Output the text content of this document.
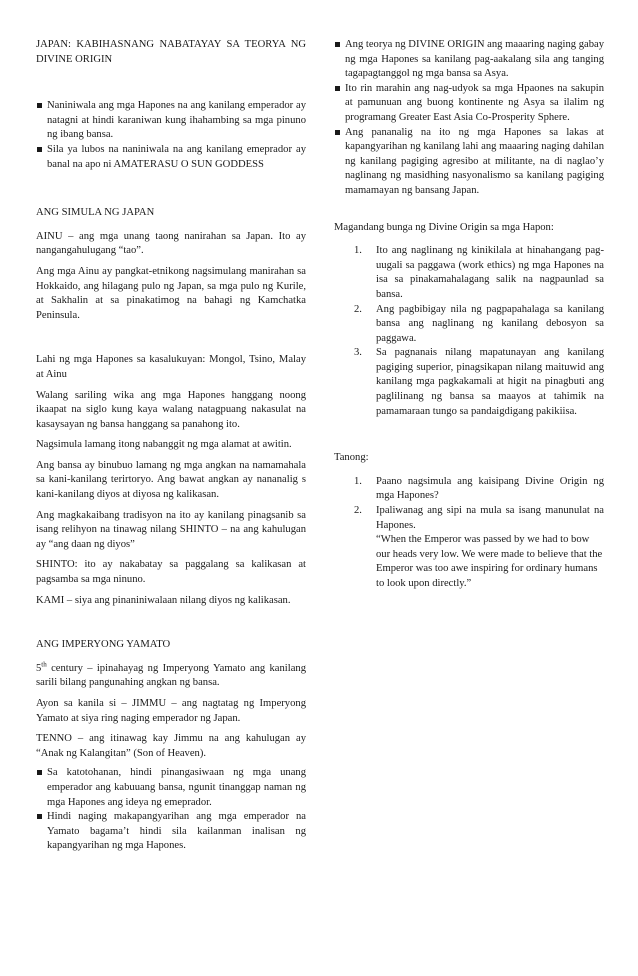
JAPAN: KABIHASNANG NABATAYAY SA TEORYA NG DIVINE ORIGIN

Naniniwala ang mga Hapones na ang kanilang emperador ay natagni at hindi karaniwan kung ihahambing sa mga pinuno ng ibang bansa.
Sila ya lubos na naniniwala na ang kanilang emeprador ay banal na apo ni AMATERASU O SUN GODDESS

ANG SIMULA NG JAPAN

AINU – ang mga unang taong nanirahan sa Japan. Ito ay nangangahulugang “tao”.

Ang mga Ainu ay pangkat-etnikong nagsimulang manirahan sa Hokkaido, ang hilagang pulo ng Japan, sa mga pulo ng Kurile, at Sakhalin at sa pinakatimog na bahagi ng Kamchatka Peninsula.

Lahi ng mga Hapones sa kasalukuyan: Mongol, Tsino, Malay at Ainu

Walang sariling wika ang mga Hapones hanggang noong ikaapat na siglo kung kaya walang natagpuang nakasulat na kasaysayan ng bansa hanggang sa panahong ito.

Nagsimula lamang itong nabanggit ng mga alamat at awitin.

Ang bansa ay binubuo lamang ng mga angkan na namamahala sa kani-kanilang terirtoryo. Ang bawat angkan ay nananalig s kani-kanilang diyos at diyosa ng kalikasan.

Ang magkakaibang tradisyon na ito ay kanilang pinagsanib sa isang relihyon na tinawag nilang SHINTO – na ang kahulugan ay “ang daan ng diyos”

SHINTO: ito ay nakabatay sa paggalang sa kalikasan at pagsamba sa mga ninuno.

KAMI – siya ang pinaniniwalaan nilang diyos ng kalikasan.

ANG IMPERYONG YAMATO

5th century – ipinahayag ng Imperyong Yamato ang kanilang sarili bilang pangunahing angkan ng bansa.

Ayon sa kanila si – JIMMU – ang nagtatag ng Imperyong Yamato at siya ring naging emperador ng Japan.

TENNO – ang itinawag kay Jimmu na ang kahulugan ay “Anak ng Kalangitan” (Son of Heaven).

Sa katotohanan, hindi pinangasiwaan ng mga unang emperador ang kabuuang bansa, ngunit tinanggap naman ng mga Hapones ang ideya ng emeprador.
Hindi naging makapangyarihan ang mga emperador na Yamato bagama’t hindi sila kailanman inalisan ng kapangyarihan ng mga Hapones.
Ang teorya ng DIVINE ORIGIN ang maaaring naging gabay ng mga Hapones sa kanilang pag-aakalang sila ang tanging tagapagtanggol ng mga bansa sa Asya.
Ito rin marahin ang nag-udyok sa mga Hpaones na sakupin at pamunuan ang buong kontinente ng Asya sa ilalim ng programang Greater East Asia Co-Prosperity Sphere.
Ang pananalig na ito ng mga Hapones sa lakas at kapangyarihan ng kanilang lahi ang maaaring naging dahilan ng kanilang pagiging agresibo at militante, na di naglao’y naglinang ng masidhing nasyonalismo sa kanilang pagiging mamamayan ng bansang Japan.

Magandang bunga ng Divine Origin sa mga Hapon:

1. Ito ang naglinang ng kinikilala at hinahangang pag-uugali sa paggawa (work ethics) ng mga Hapones na isa sa pinakamahalagang salik na nagpaunlad sa bansa.
2. Ang pagbibigay nila ng pagpapahalaga sa kanilang bansa ang naglinang ng kanilang debosyon sa paggawa.
3. Sa pagnanais nilang mapatunayan ang kanilang pagiging superior, pinagsikapan nilang maituwid ang kanilang mga pagkakamali at higit na pinagbuti ang paglilinang ng bansa sa maayos at tahimik na pamamaraan tungo sa pandaigdigang pakikiisa.

Tanong:

1. Paano nagsimula ang kaisipang Divine Origin ng mga Hapones?
2. Ipaliwanag ang sipi na mula sa isang manunulat na Hapones.
“When the Emperor was passed by we had to bow our heads very low. We were made to believe that the Emperor was too awe inspiring for ordinary humans to look upon directly.”
